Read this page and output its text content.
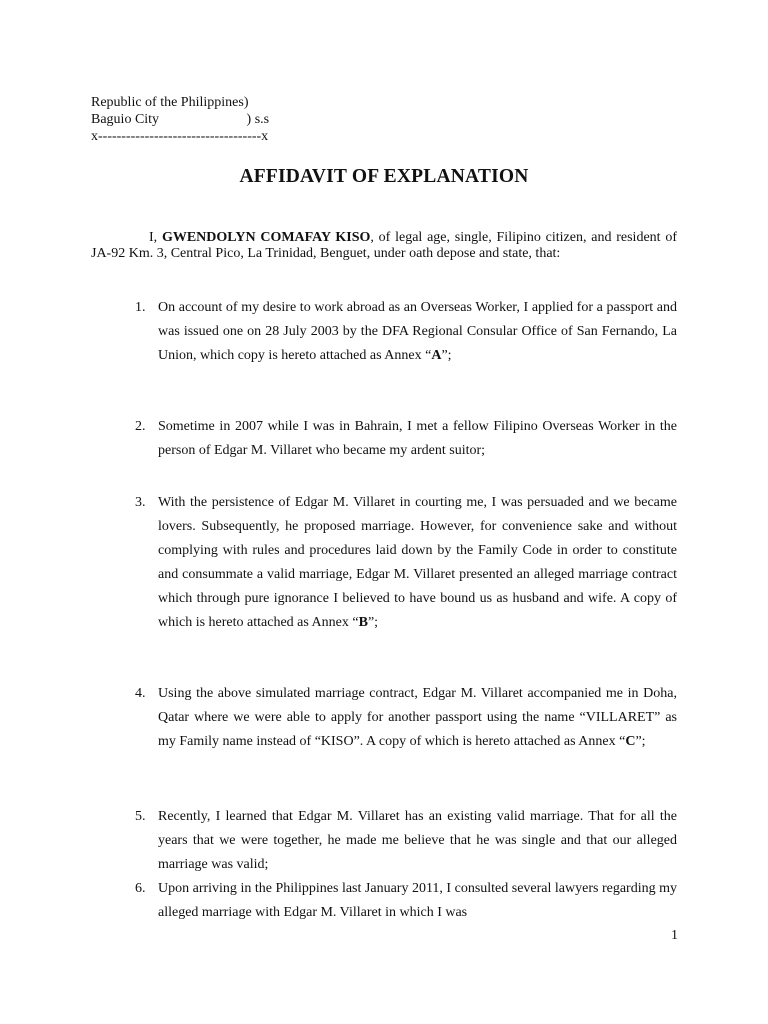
Republic of the Philippines)
Baguio City                         ) s.s
x-----------------------------------x
AFFIDAVIT OF EXPLANATION
I, GWENDOLYN COMAFAY KISO, of legal age, single, Filipino citizen, and resident of JA-92 Km. 3, Central Pico, La Trinidad, Benguet, under oath depose and state, that:
1. On account of my desire to work abroad as an Overseas Worker, I applied for a passport and was issued one on 28 July 2003 by the DFA Regional Consular Office of San Fernando, La Union, which copy is hereto attached as Annex “A”;
2. Sometime in 2007 while I was in Bahrain, I met a fellow Filipino Overseas Worker in the person of Edgar M. Villaret who became my ardent suitor;
3. With the persistence of Edgar M. Villaret in courting me, I was persuaded and we became lovers. Subsequently, he proposed marriage. However, for convenience sake and without complying with rules and procedures laid down by the Family Code in order to constitute and consummate a valid marriage, Edgar M. Villaret presented an alleged marriage contract which through pure ignorance I believed to have bound us as husband and wife. A copy of which is hereto attached as Annex “B”;
4. Using the above simulated marriage contract, Edgar M. Villaret accompanied me in Doha, Qatar where we were able to apply for another passport using the name “VILLARET” as my Family name instead of “KISO”. A copy of which is hereto attached as Annex “C”;
5. Recently, I learned that Edgar M. Villaret has an existing valid marriage. That for all the years that we were together, he made me believe that he was single and that our alleged marriage was valid;
6. Upon arriving in the Philippines last January 2011, I consulted several lawyers regarding my alleged marriage with Edgar M. Villaret in which I was
1
